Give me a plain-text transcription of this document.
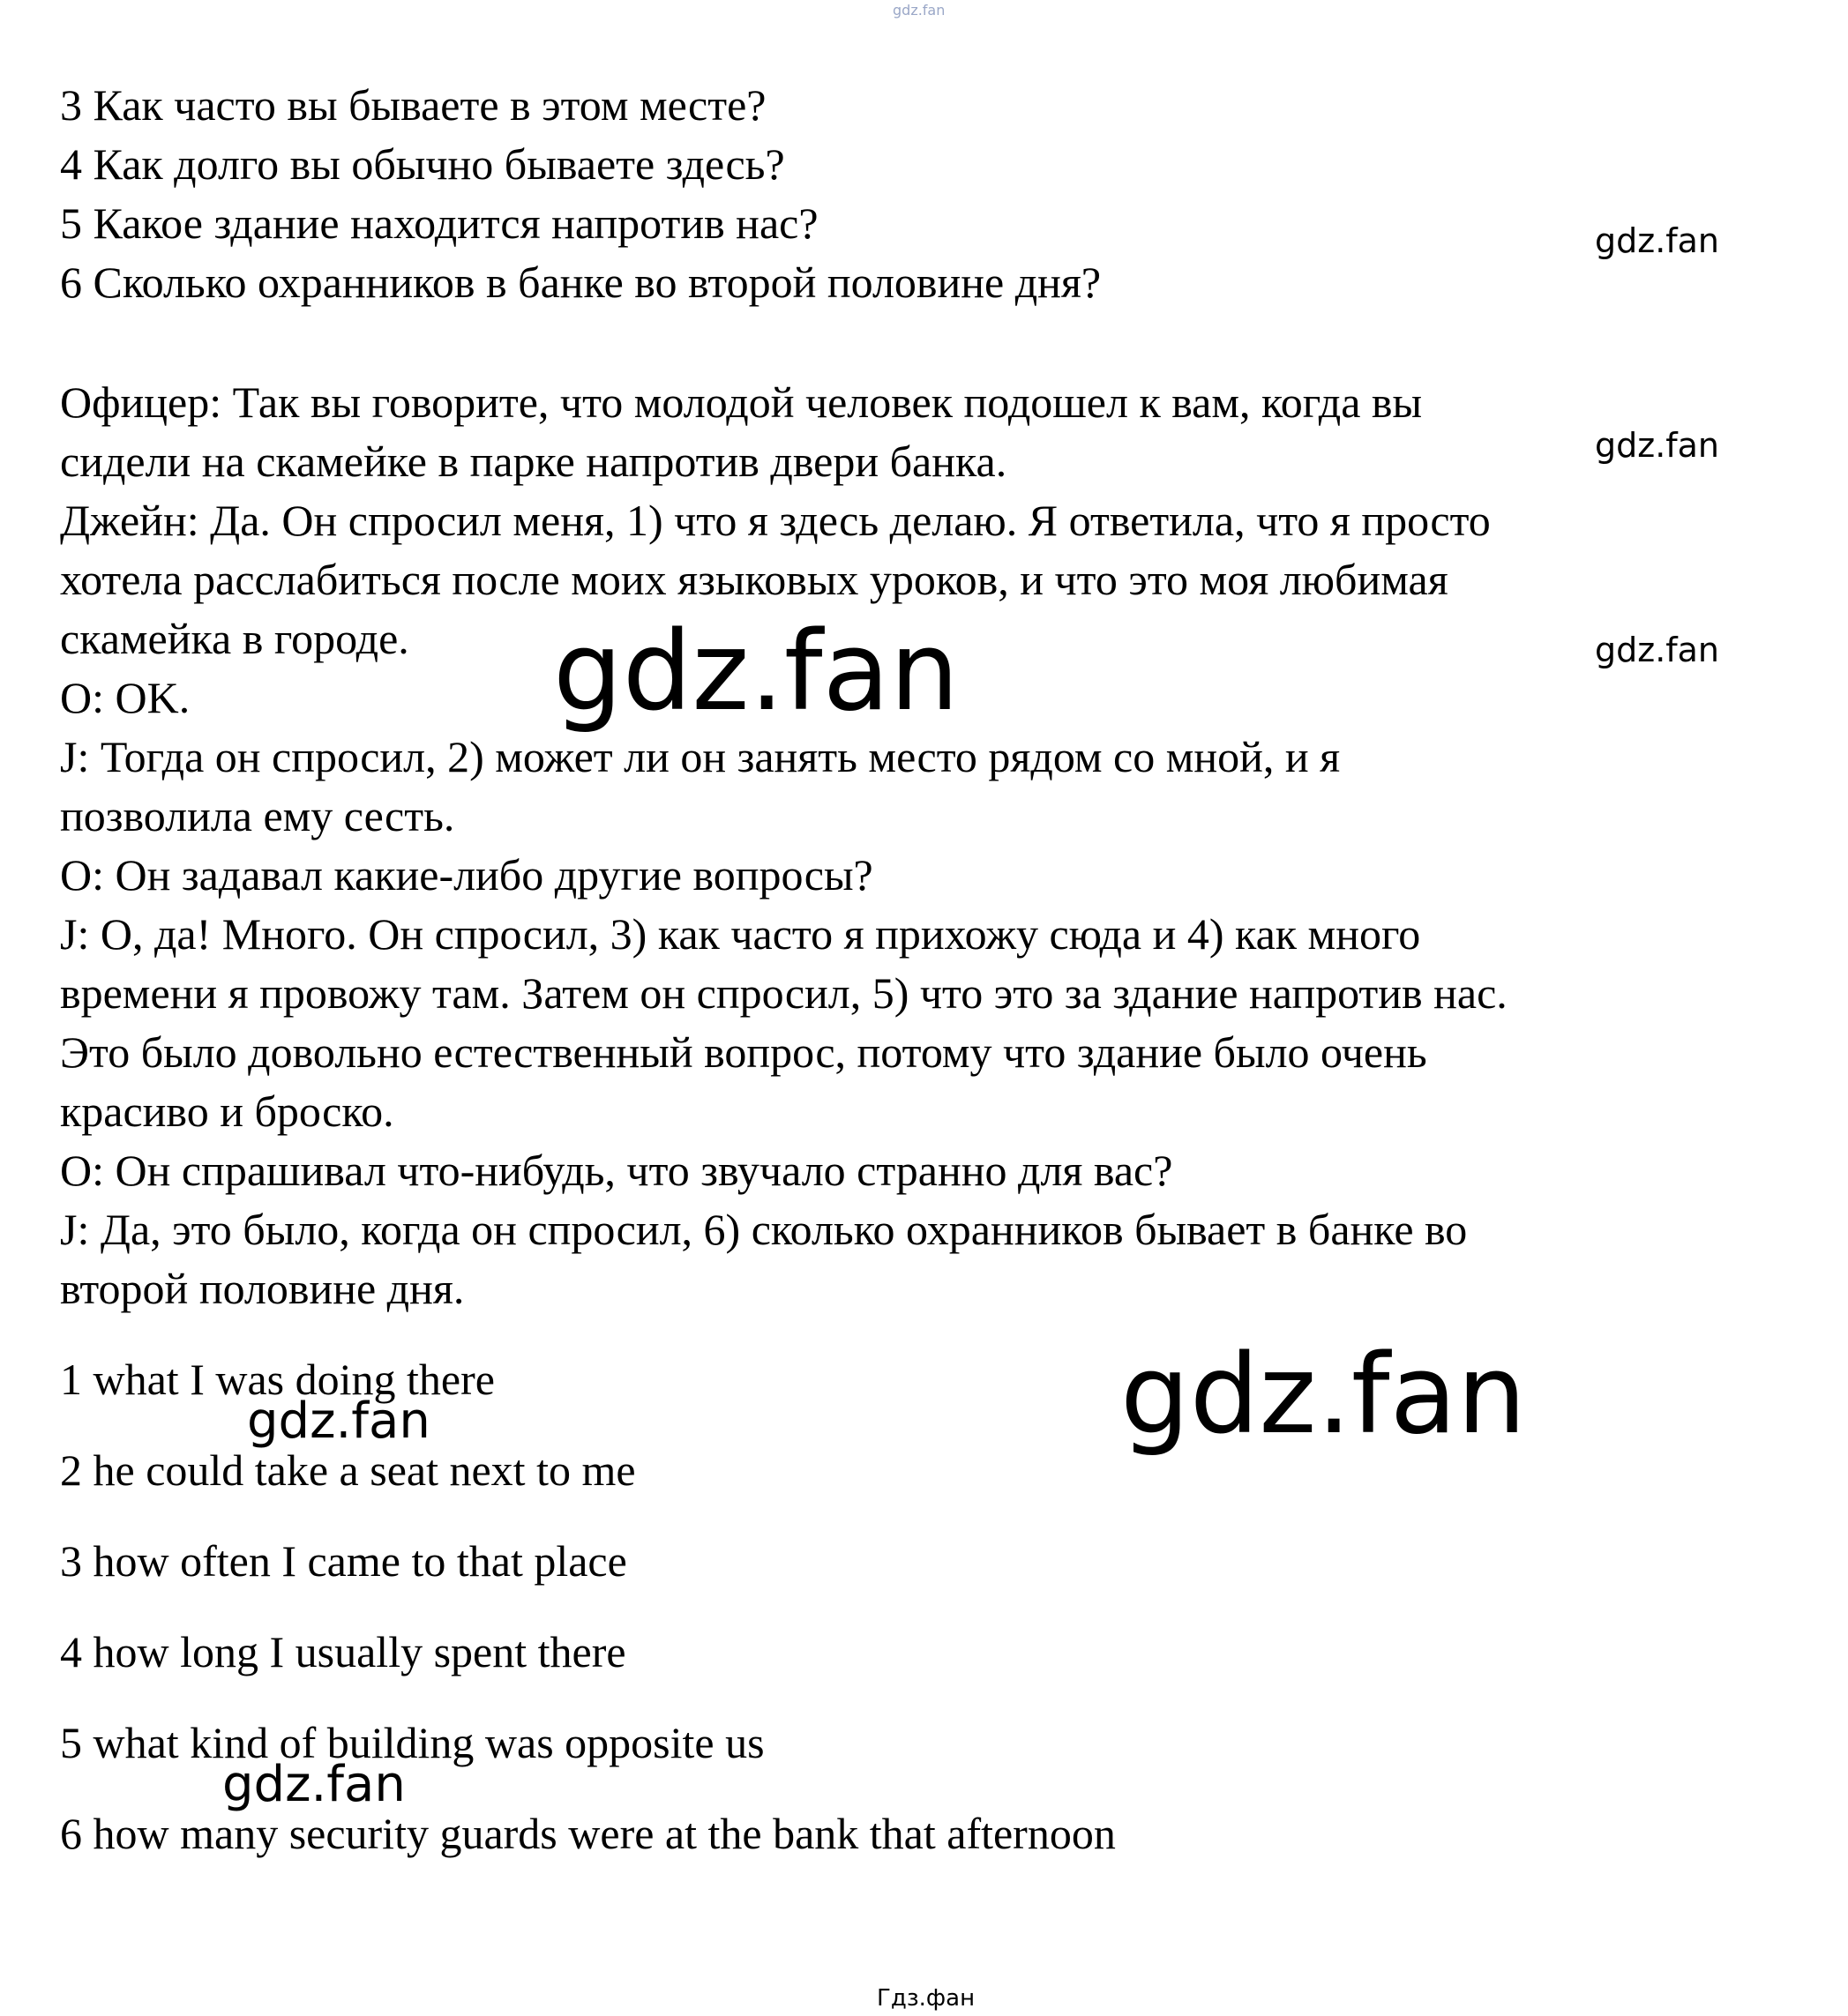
gdz.fan
3 Как часто вы бываете в этом месте?
4 Как долго вы обычно бываете здесь?
5 Какое здание находится напротив нас?
6 Сколько охранников в банке во второй половине дня?
Офицер: Так вы говорите, что молодой человек подошел к вам, когда вы
сидели на скамейке в парке напротив двери банка.
Джейн: Да. Он спросил меня, 1) что я здесь делаю. Я ответила, что я просто
хотела расслабиться после моих языковых уроков, и что это моя любимая
скамейка в городе.
O: OK.
J: Тогда он спросил, 2) может ли он занять место рядом со мной, и я
позволила ему сесть.
O: Он задавал какие-либо другие вопросы?
J: О, да! Много. Он спросил, 3) как часто я прихожу сюда и 4) как много
времени я провожу там. Затем он спросил, 5) что это за здание напротив нас.
Это было довольно естественный вопрос, потому что здание было очень
красиво и броско.
O: Он спрашивал что-нибудь, что звучало странно для вас?
J: Да, это было, когда он спросил, 6) сколько охранников бывает в банке во
второй половине дня.
1 what I was doing there
2 he could take a seat next to me
3 how often I came to that place
4 how long I usually spent there
5 what kind of building was opposite us
6 how many security guards were at the bank that afternoon
gdz.fan
gdz.fan
gdz.fan
gdz.fan
gdz.fan
gdz.fan
gdz.fan
Гдз.фан
